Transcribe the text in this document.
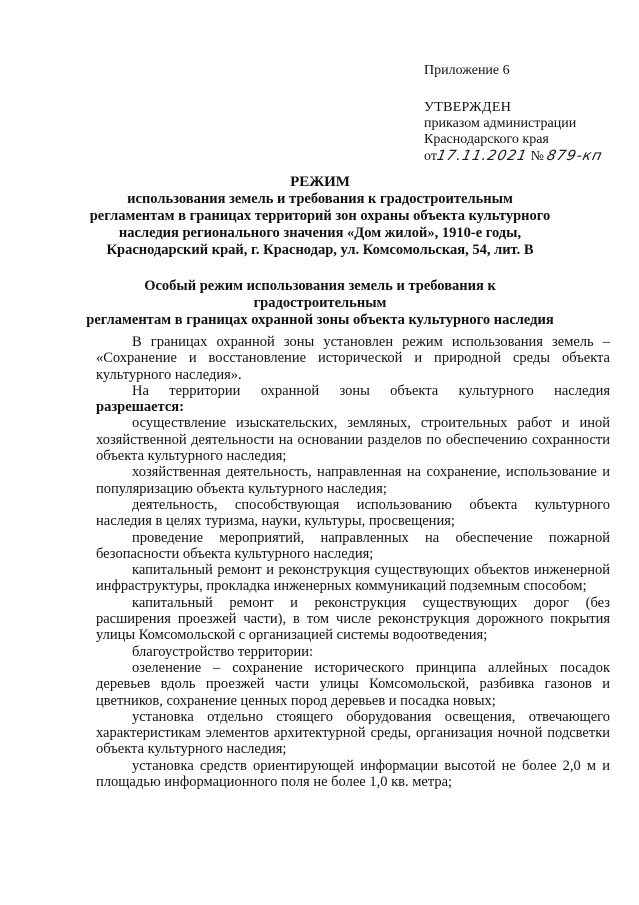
Приложение 6
УТВЕРЖДЕН
приказом администрации
Краснодарского края
от17.11.2021 № 879-кп
РЕЖИМ
использования земель и требования к градостроительным
регламентам в границах территорий зон охраны объекта культурного
наследия регионального значения «Дом жилой», 1910-е годы,
Краснодарский край, г. Краснодар, ул. Комсомольская, 54, лит. В
Особый режим использования земель и требования к градостроительным
регламентам в границах охранной зоны объекта культурного наследия

В границах охранной зоны установлен режим использования земель – «Сохранение и восстановление исторической и природной среды объекта культурного наследия».

На территории охранной зоны объекта культурного наследия

разрешается:

осуществление изыскательских, земляных, строительных работ и иной хозяйственной деятельности на основании разделов по обеспечению сохранности объекта культурного наследия;

хозяйственная деятельность, направленная на сохранение, использование и популяризацию объекта культурного наследия;

деятельность, способствующая использованию объекта культурного наследия в целях туризма, науки, культуры, просвещения;

проведение мероприятий, направленных на обеспечение пожарной безопасности объекта культурного наследия;

капитальный ремонт и реконструкция существующих объектов инженерной инфраструктуры, прокладка инженерных коммуникаций подземным способом;

капитальный ремонт и реконструкция существующих дорог (без расширения проезжей части), в том числе реконструкция дорожного покрытия улицы Комсомольской с организацией системы водоотведения;

благоустройство территории:

озеленение – сохранение исторического принципа аллейных посадок деревьев вдоль проезжей части улицы Комсомольской, разбивка газонов и цветников, сохранение ценных пород деревьев и посадка новых;

установка отдельно стоящего оборудования освещения, отвечающего характеристикам элементов архитектурной среды, организация ночной подсветки объекта культурного наследия;

установка средств ориентирующей информации высотой не более 2,0 м и площадью информационного поля не более 1,0 кв. метра;
